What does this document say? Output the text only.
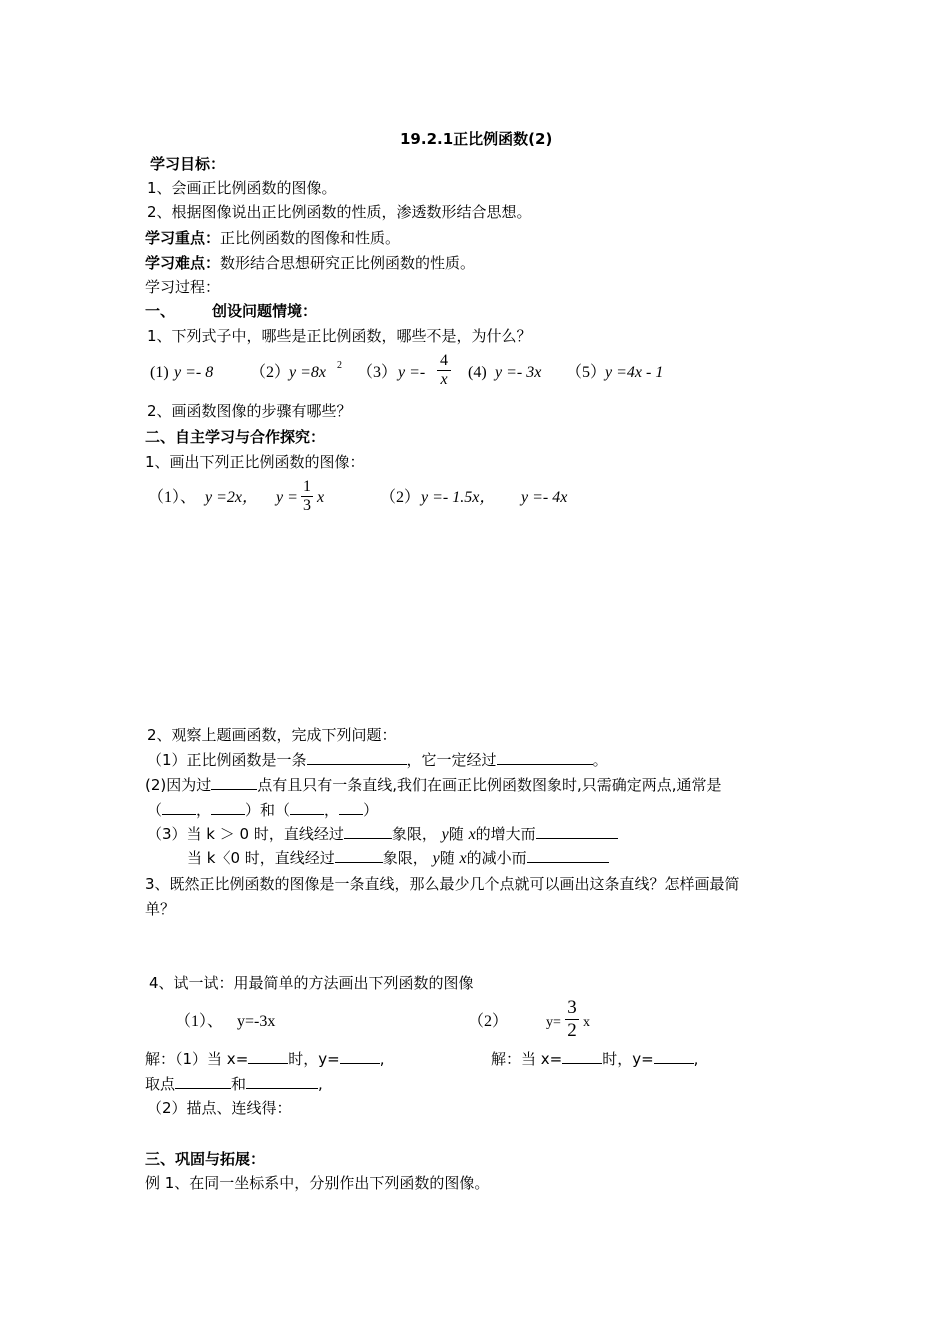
19.2.1正比例函数(2)
学习目标：
1、会画正比例函数的图像。
2、根据图像说出正比例函数的性质，渗透数形结合思想。
学习重点：正比例函数的图像和性质。
学习难点：数形结合思想研究正比例函数的性质。
学习过程：
一、 创设问题情境：
1、下列式子中，哪些是正比例函数，哪些不是，为什么？
(1) y =- 8 （2）
y =8x 2 （3） y =-
4
x (4) y =- 3x （5）
y =4x - 1
2、画函数图像的步骤有哪些？
二、自主学习与合作探究：
1、画出下列正比例函数的图像：
（1）、 y =2x， y =
1
3 x	（2） y =- 1.5x， y =- 4x
2、观察上题画函数，完成下列问题：
（1）正比例函数是一条	，它一定经过	。
(2)因为过	点有且只有一条直线,我们在画正比例函数图象时,只需确定两点,通常是
（ ， ）和（ ， ）
（3）当 k ＞ 0 时，直线经过	象限， y随 x的增大而
当 k〈0 时，直线经过	象限， y随 x的减小而
3、既然正比例函数的图像是一条直线，那么最少几个点就可以画出这条直线？怎样画最简
单？
4、试一试：用最简单的方法画出下列函数的图像
（1）、 y=-3x	（2）	y=
3
2 x
解：（1）当 x=	时，y=	,	解：当 x=	时，y=	,
取点	和	,
（2）描点、连线得：
三、巩固与拓展：
例 1、在同一坐标系中，分别作出下列函数的图像。
